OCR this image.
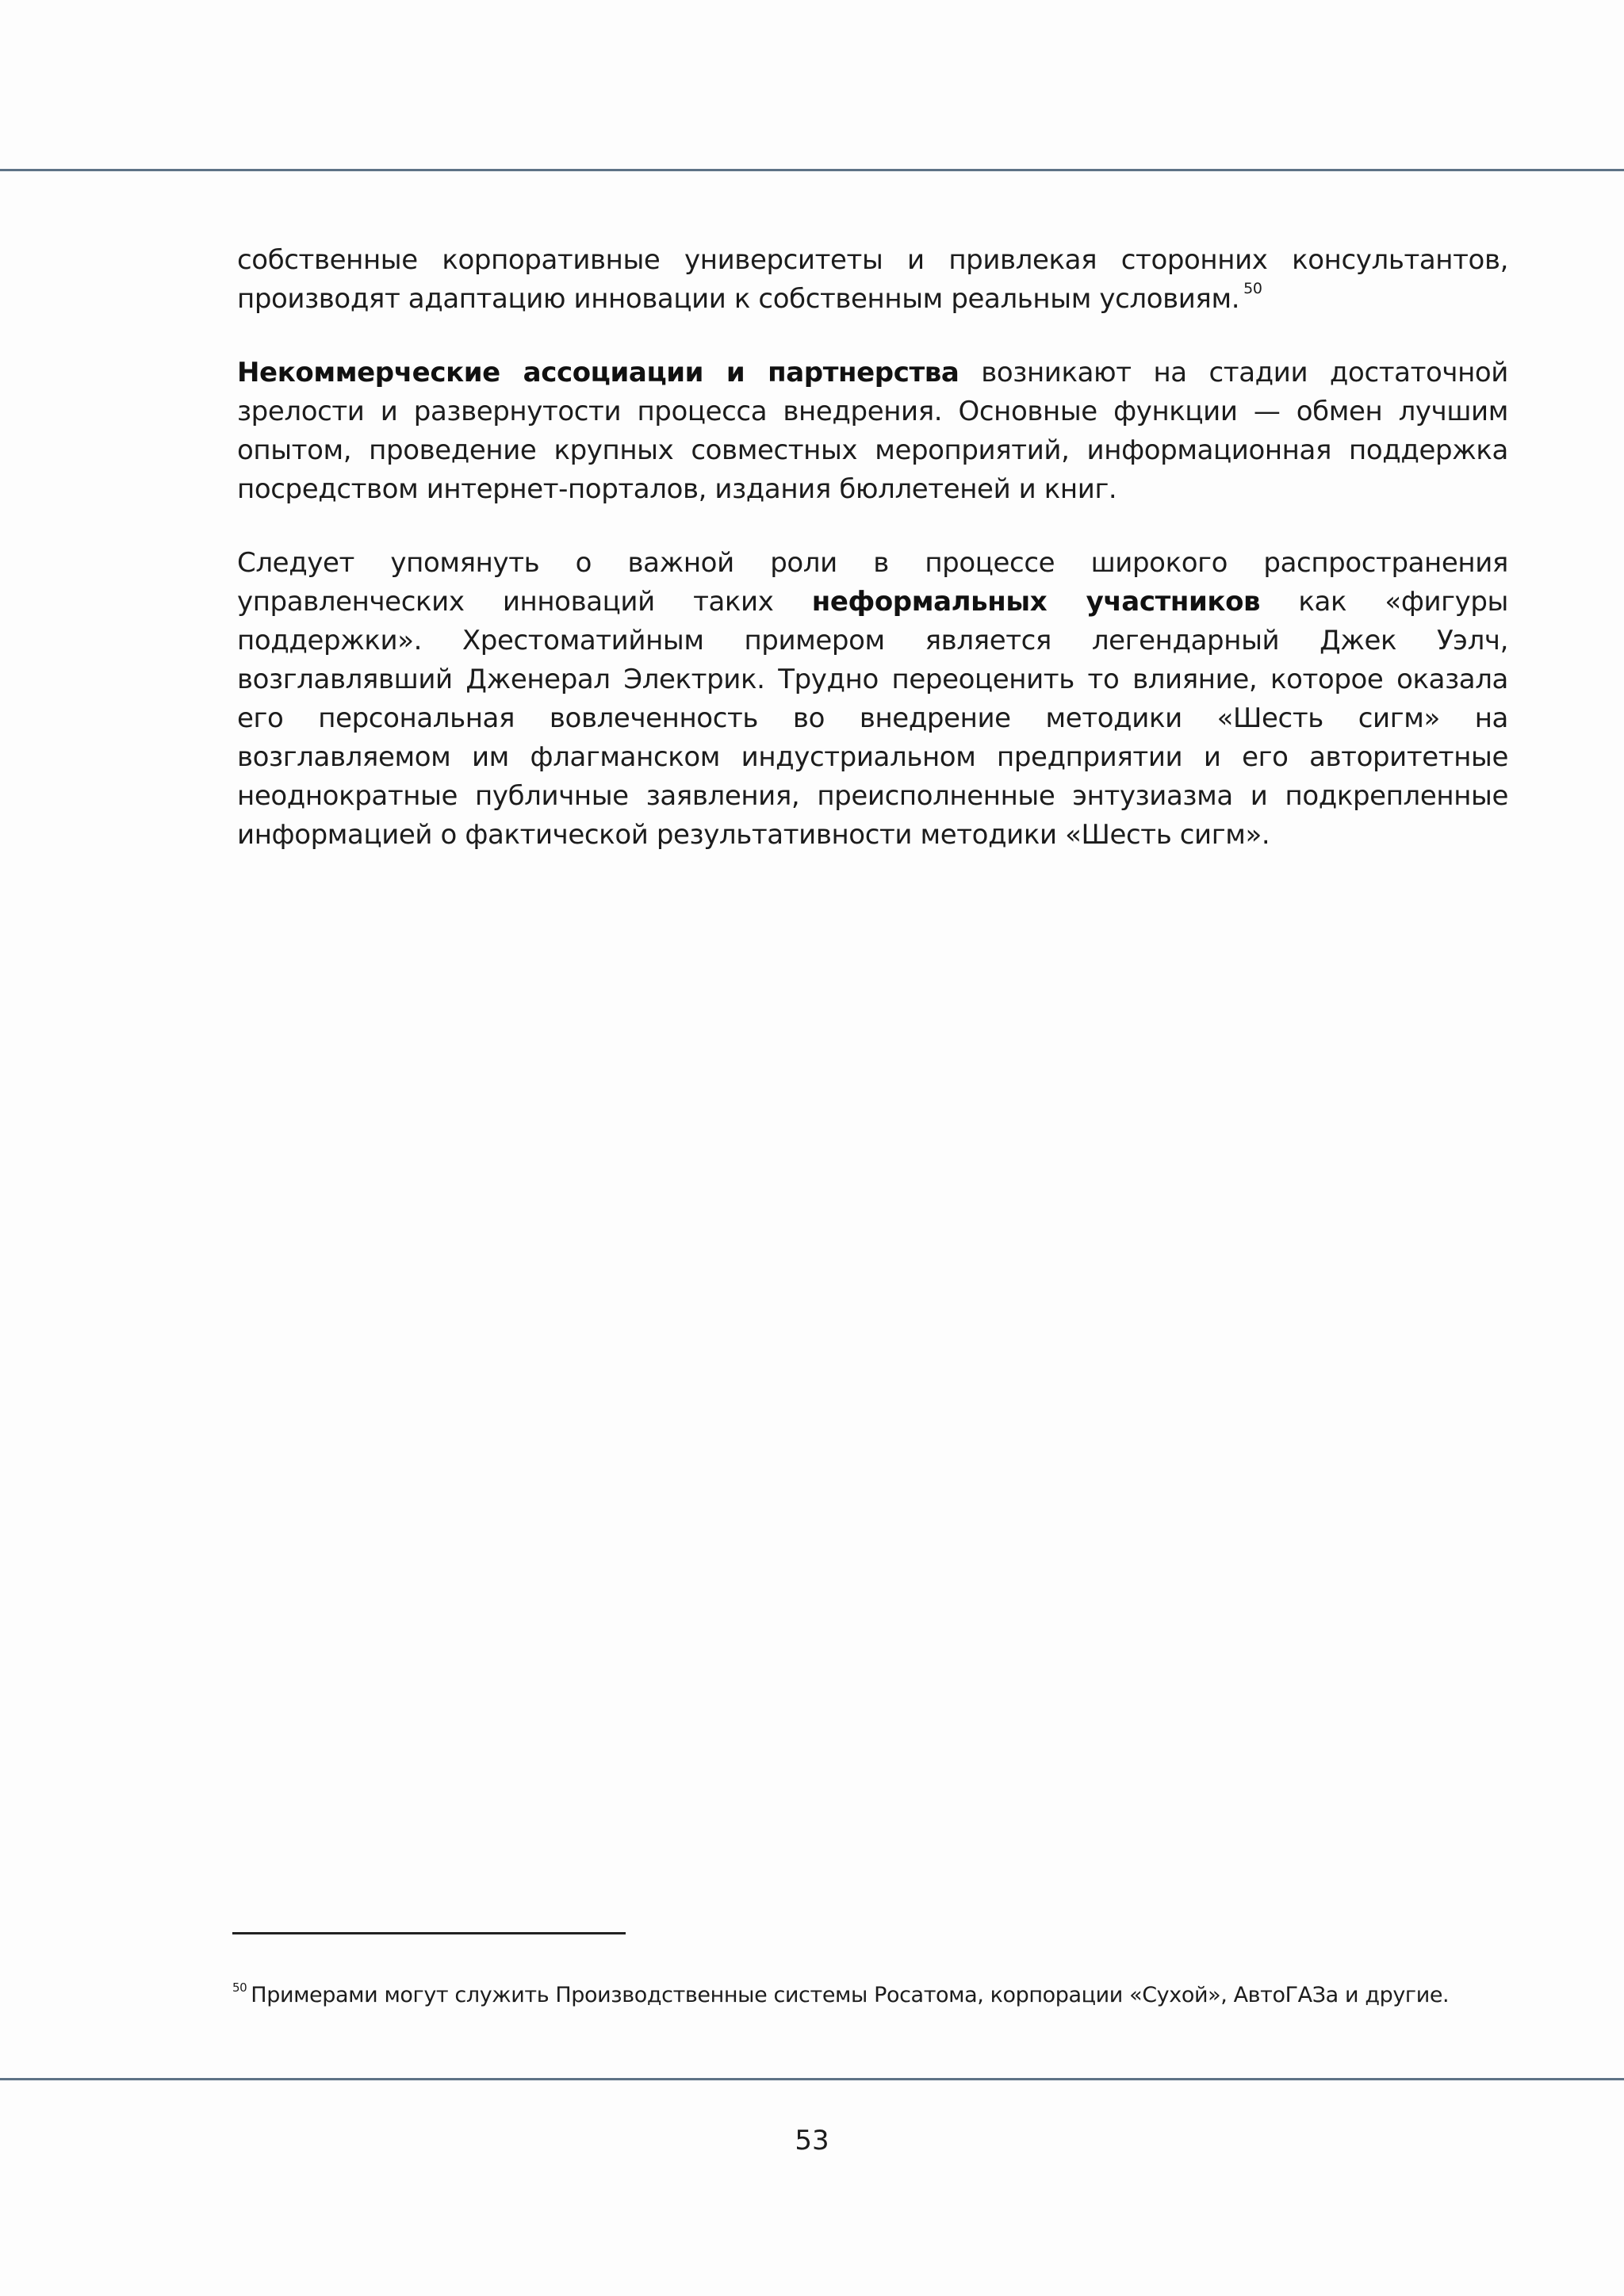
собственные корпоративные университеты и привлекая сторонних консультантов, производят адаптацию инновации к собственным реальным условиям. $^{50}$

Некоммерческие ассоциации и партнерства возникают на стадии достаточной зрелости и развернутости процесса внедрения. Основные функции — обмен лучшим опытом, проведение крупных совместных мероприятий, информационная поддержка посредством интернет-порталов, издания бюллетеней и книг.

Следует упомянуть о важной роли в процессе широкого распространения управленческих инноваций таких неформальных участников как «фигуры поддержки». Хрестоматийным примером является легендарный Джек Уэлч, возглавлявший Дженерал Электрик. Трудно переоценить то влияние, которое оказала его персональная вовлеченность во внедрение методики «Шесть сигм» на возглавляемом им флагманском индустриальном предприятии и его авторитетные неоднократные публичные заявления, преисполненные энтузиазма и подкрепленные информацией о фактической результативности методики «Шесть сигм».

$^{50}$ Примерами могут служить Производственные системы Росатома, корпорации «Сухой», АвтоГАЗа и другие.
53
